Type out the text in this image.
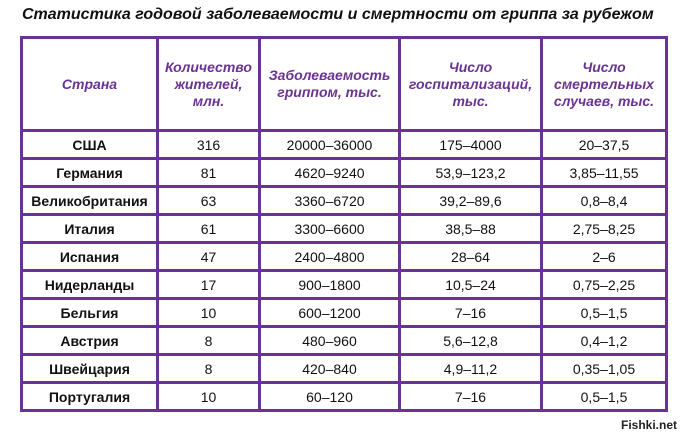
Статистика годовой заболеваемости и смертности от гриппа за рубежом
Страна	Количество жителей, млн.	Заболеваемость гриппом, тыс.	Число госпитализаций, тыс.	Число смертельных случаев, тыс.
США	316	20000–36000	175–4000	20–37,5
Германия	81	4620–9240	53,9–123,2	3,85–11,55
Великобритания	63	3360–6720	39,2–89,6	0,8–8,4
Италия	61	3300–6600	38,5–88	2,75–8,25
Испания	47	2400–4800	28–64	2–6
Нидерланды	17	900–1800	10,5–24	0,75–2,25
Бельгия	10	600–1200	7–16	0,5–1,5
Австрия	8	480–960	5,6–12,8	0,4–1,2
Швейцария	8	420–840	4,9–11,2	0,35–1,05
Португалия	10	60–120	7–16	0,5–1,5
Fishki.net
